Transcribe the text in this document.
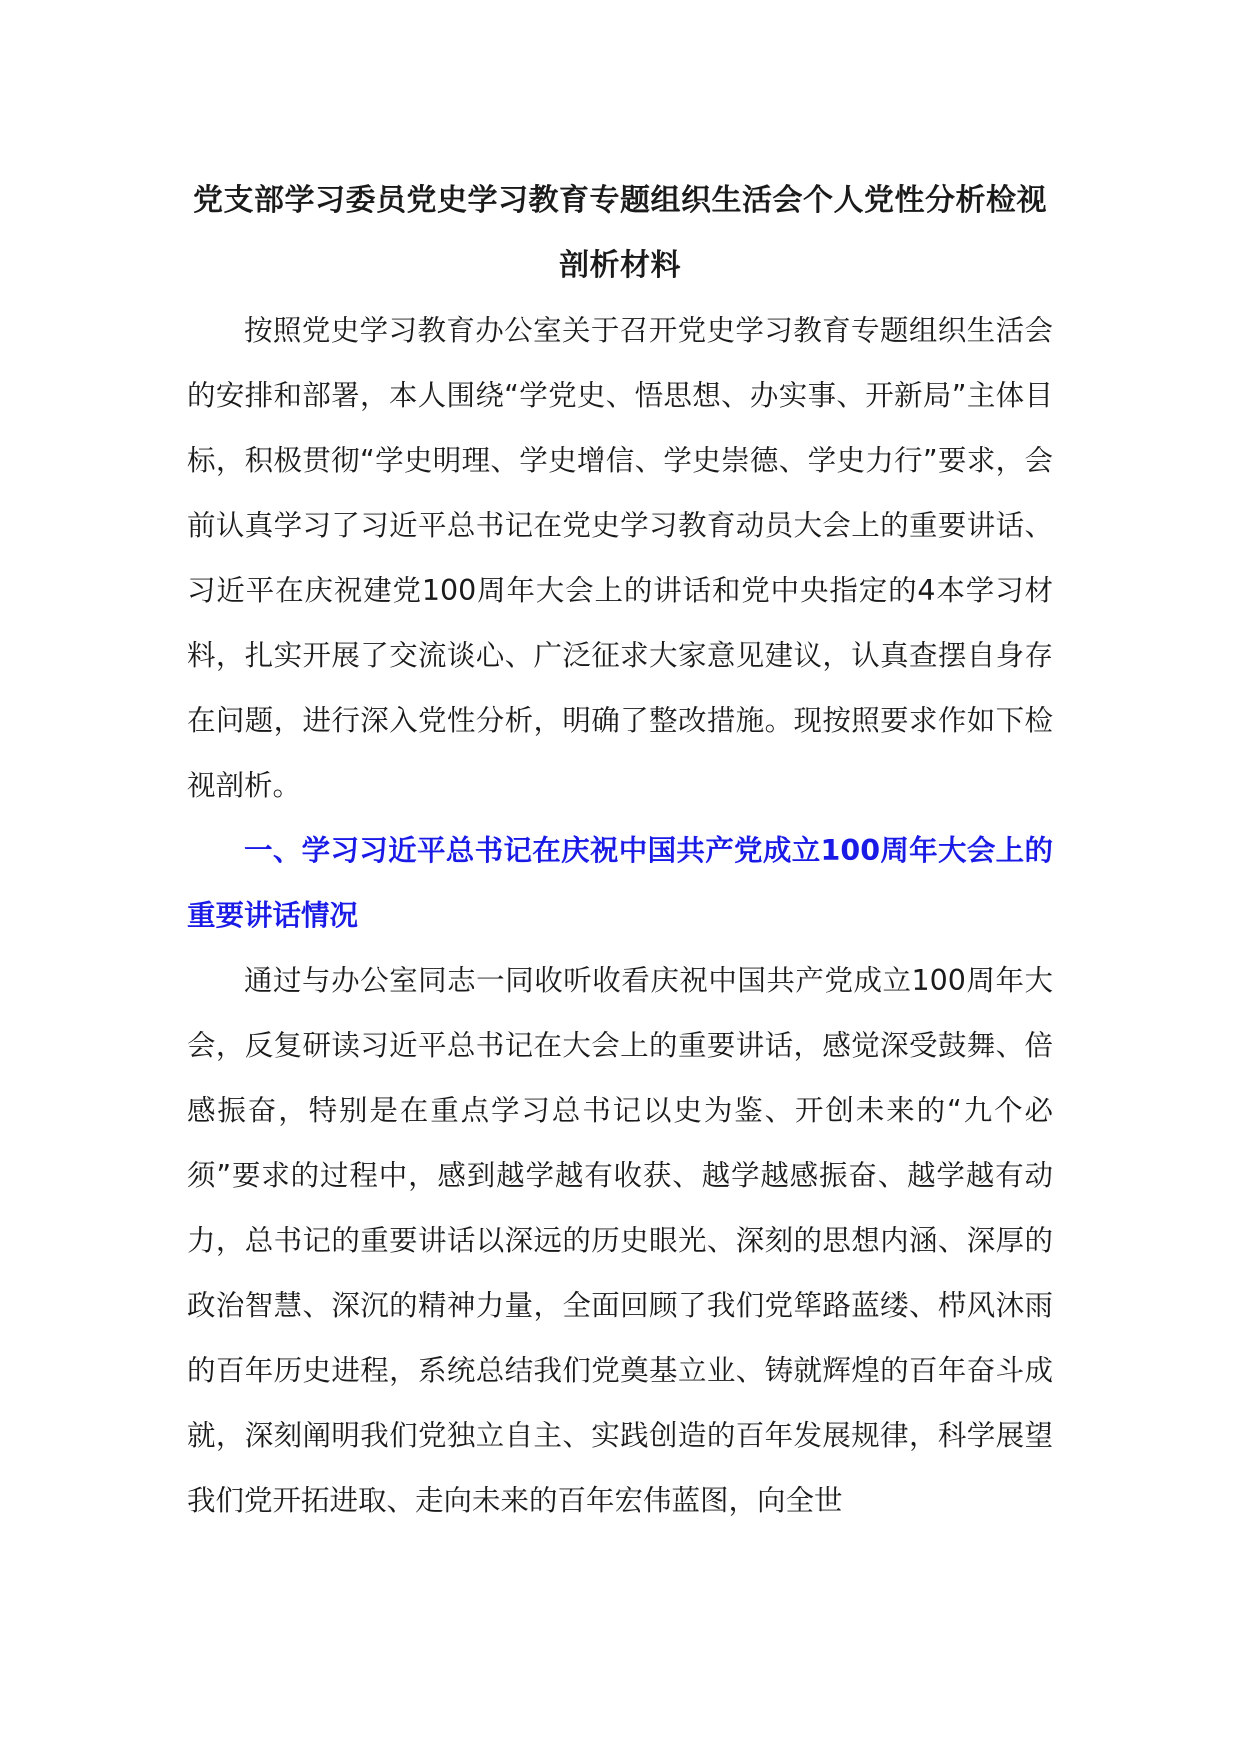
党支部学习委员党史学习教育专题组织生活会个人党性分析检视剖析材料

按照党史学习教育办公室关于召开党史学习教育专题组织生活会的安排和部署，本人围绕“学党史、悟思想、办实事、开新局”主体目标，积极贯彻“学史明理、学史增信、学史崇德、学史力行”要求，会前认真学习了习近平总书记在党史学习教育动员大会上的重要讲话、习近平在庆祝建党100周年大会上的讲话和党中央指定的4本学习材料，扎实开展了交流谈心、广泛征求大家意见建议，认真查摆自身存在问题，进行深入党性分析，明确了整改措施。现按照要求作如下检视剖析。

一、学习习近平总书记在庆祝中国共产党成立100周年大会上的重要讲话情况

通过与办公室同志一同收听收看庆祝中国共产党成立100周年大会，反复研读习近平总书记在大会上的重要讲话，感觉深受鼓舞、倍感振奋，特别是在重点学习总书记以史为鉴、开创未来的“九个必须”要求的过程中，感到越学越有收获、越学越感振奋、越学越有动力，总书记的重要讲话以深远的历史眼光、深刻的思想内涵、深厚的政治智慧、深沉的精神力量，全面回顾了我们党筚路蓝缕、栉风沐雨的百年历史进程，系统总结我们党奠基立业、铸就辉煌的百年奋斗成就，深刻阐明我们党独立自主、实践创造的百年发展规律，科学展望我们党开拓进取、走向未来的百年宏伟蓝图，向全世
